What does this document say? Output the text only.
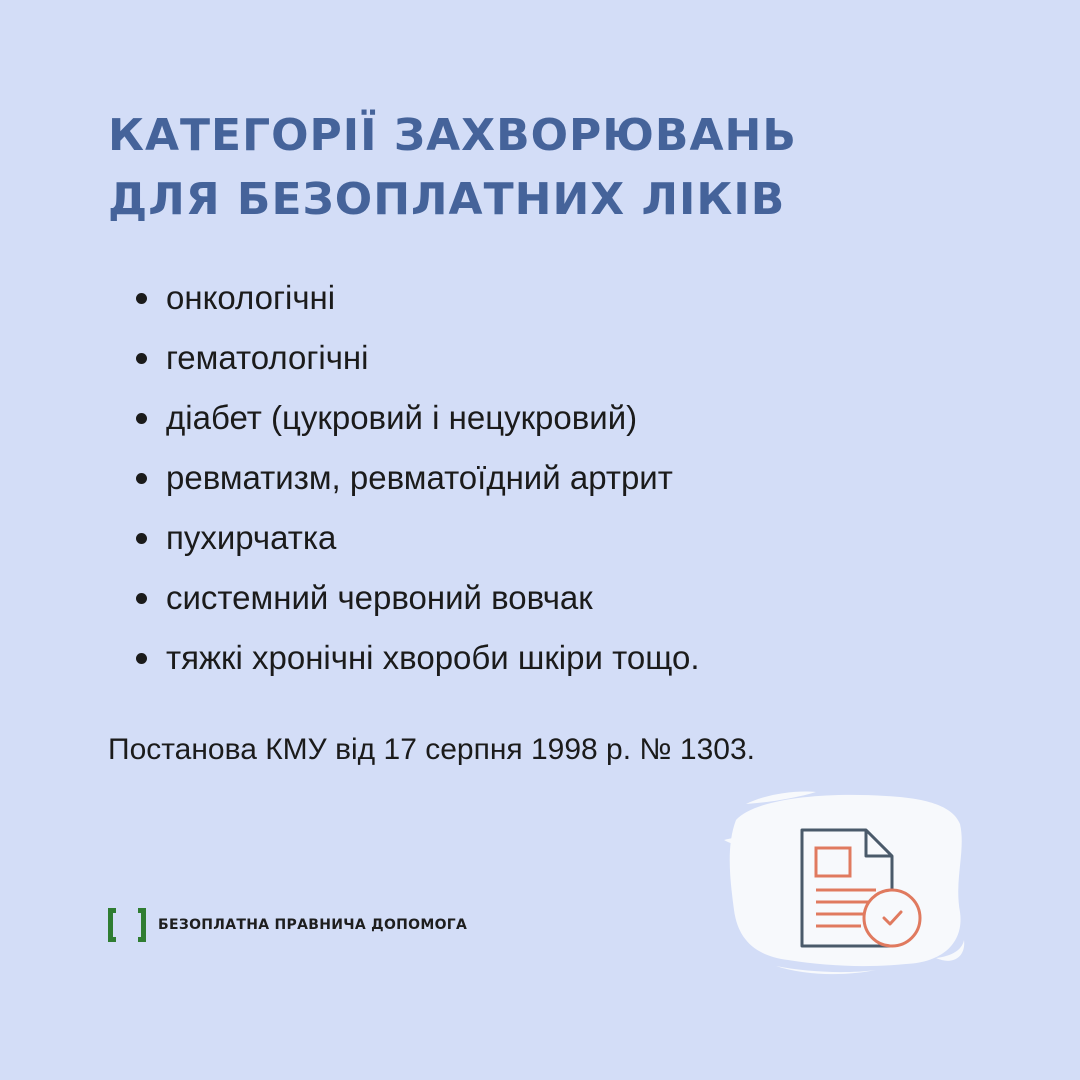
КАТЕГОРІЇ ЗАХВОРЮВАНЬ
ДЛЯ БЕЗОПЛАТНИХ ЛІКІВ
онкологічні
гематологічні
діабет (цукровий і нецукровий)
ревматизм, ревматоїдний артрит
пухирчатка
системний червоний вовчак
тяжкі хронічні хвороби шкіри тощо.
Постанова КМУ від 17 серпня 1998 р. № 1303.
БЕЗОПЛАТНА ПРАВНИЧА ДОПОМОГА
